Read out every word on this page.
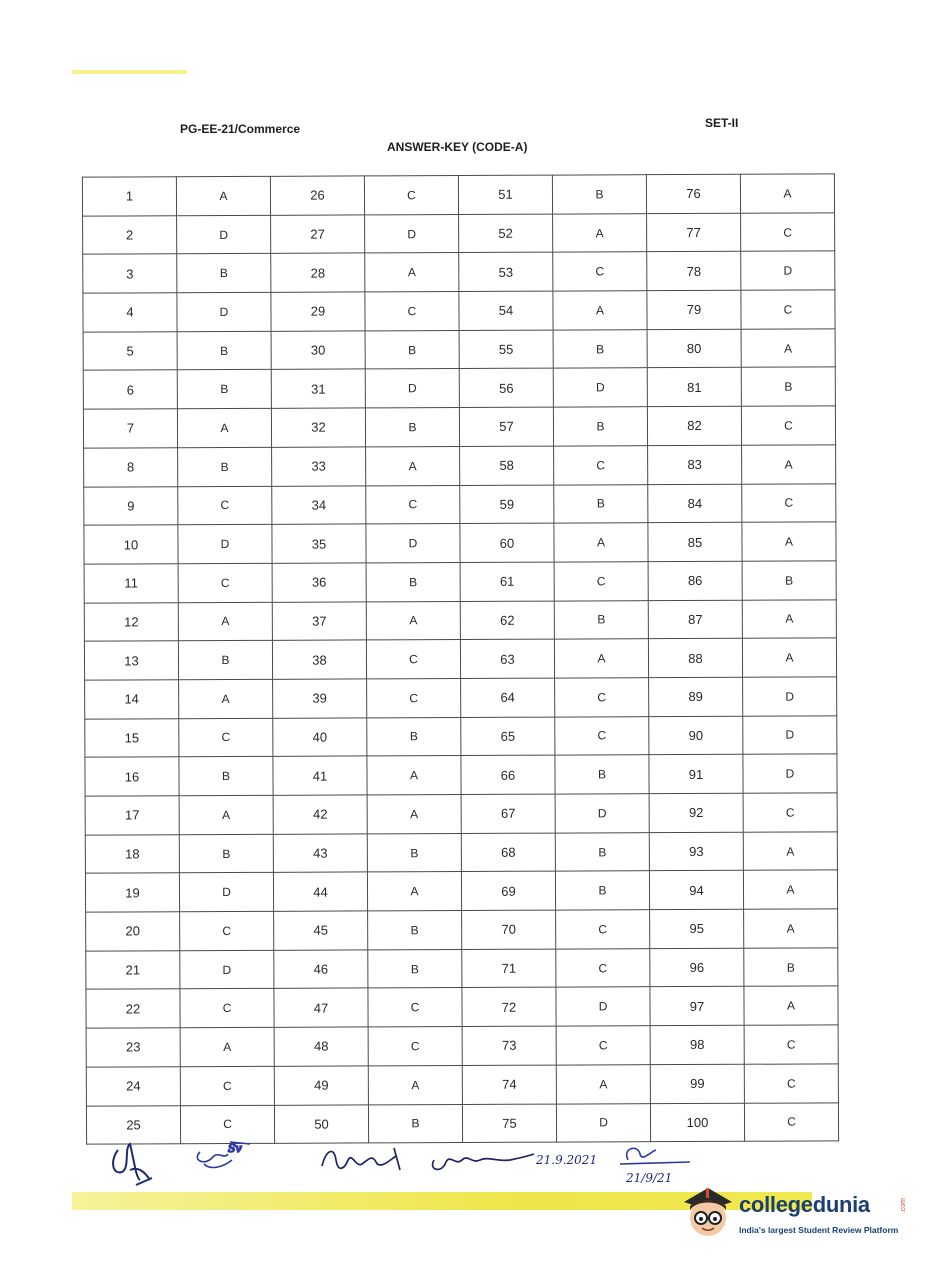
PG-EE-21/Commerce	SET-II
ANSWER-KEY (CODE-A)
1	A	26	C	51	B	76	A
2	D	27	D	52	A	77	C
3	B	28	A	53	C	78	D
4	D	29	C	54	A	79	C
5	B	30	B	55	B	80	A
6	B	31	D	56	D	81	B
7	A	32	B	57	B	82	C
8	B	33	A	58	C	83	A
9	C	34	C	59	B	84	C
10	D	35	D	60	A	85	A
11	C	36	B	61	C	86	B
12	A	37	A	62	B	87	A
13	B	38	C	63	A	88	A
14	A	39	C	64	C	89	D
15	C	40	B	65	C	90	D
16	B	41	A	66	B	91	D
17	A	42	A	67	D	92	C
18	B	43	B	68	B	93	A
19	D	44	A	69	B	94	A
20	C	45	B	70	C	95	A
21	D	46	B	71	C	96	B
22	C	47	C	72	D	97	A
23	A	48	C	73	C	98	C
24	C	49	A	74	A	99	C
25	C	50	B	75	D	100	C
Sv
21.9.2021
21/9/21
collegedunia	.com
India's largest Student Review Platform
